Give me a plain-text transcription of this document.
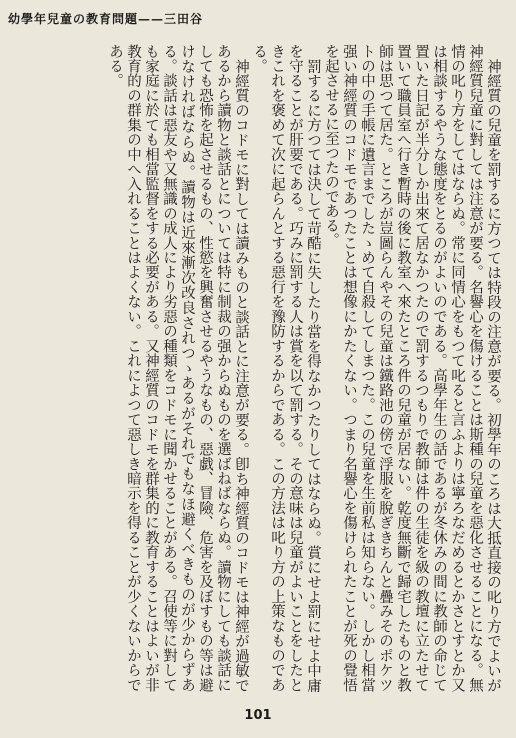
幼學年兒童の教育問題——三田谷

神經質の兒童を罰するに方つては特段の注意が要る。初學年のころは大抵直接の叱り方でよいが神經質兒童に對しては注意が要る。名譽心を傷けることは斯種の兒童を惡化させることになる。無情の叱り方をしてはならぬ。常に同情心をもつて叱ると言ふよりは寧ろなだめるとかさとすとか又は相談するやうな態度をとるのがよいのである。高學年生の話であるが冬休みの間に教師の命じて置いた日記が半分しか出來て居なかつたので罰するつもりで教師は件の生徒を級の教壇に立たせて置いて職員室へ行き暫時の後に教室へ來たところ件の兒童が居ない。乾度無斷で歸宅したものと教師は思つて居た。ところが豈圖らんやその兒童は鐵路池の傍で浮服を脫ぎきちんと疊みそのポケツトの中の手帳に遺言までしたゝめて自殺してしまつた。この兒童を生前私は知らない。しかし相當强い神經質のコドモであつたことは想像にかたくない。つまり名譽心を傷けられたことが死の覺悟を起させるに至つたのである。

罰するに方つては決して苛酷に失したり當を得なかつたりしてはならぬ。賞にせよ罰にせよ中庸を守ることが肝要である。巧みに罰する人は賞を以て罰する。その意味は兒童がよいことをしたときこれを褒めて次に起らんとする惡行を豫防するからである。この方法は叱り方の上策なものである。

神經質のコドモに對しては讀みものと談話とに注意が要る。卽ち神經質のコドモは神經が過敏であるから讀物と談話とについては特に制裁の强からぬものを選ばねばならぬ。讀物にしても談話にしても恐怖を起させるもの、性慾を興奮させるやうなもの、惡戯、冒險、危害を及ぼすもの等は避けなければならぬ。讀物は近來漸次改良されつゝあるがそれでもなほ避くべきものが少からずある。談話は惡友や又無識の成人により劣惡の種類をコドモに聞かせることがある。召使等に對しても家庭に於ても相當監督をする必要がある。又神經質のコドモを群集的に教育することはよいが非教育的の群集の中へ入れることはよくない。これによつて惡しき暗示を得ることが少くないからである。

101
